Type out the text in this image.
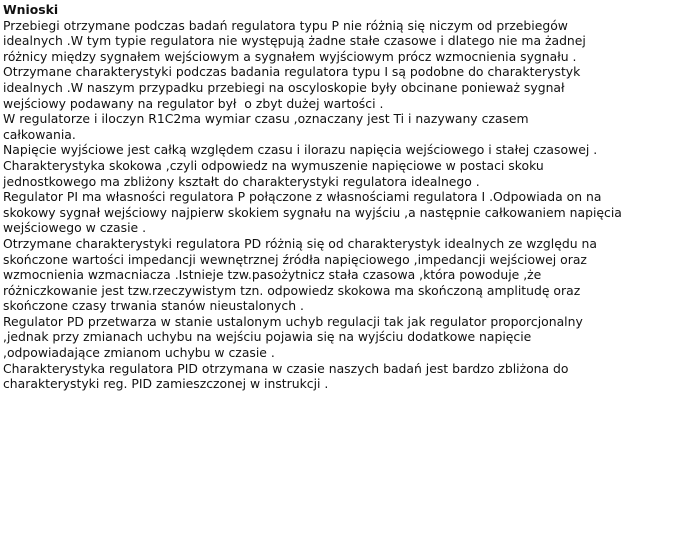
Wnioski
Przebiegi otrzymane podczas badań regulatora typu P nie różnią się niczym od przebiegów
idealnych .W tym typie regulatora nie występują żadne stałe czasowe i dlatego nie ma żadnej
różnicy między sygnałem wejściowym a sygnałem wyjściowym prócz wzmocnienia sygnału .
Otrzymane charakterystyki podczas badania regulatora typu I są podobne do charakterystyk
idealnych .W naszym przypadku przebiegi na oscyloskopie były obcinane ponieważ sygnał
wejściowy podawany na regulator był  o zbyt dużej wartości .
W regulatorze i iloczyn R1C2ma wymiar czasu ,oznaczany jest Ti i nazywany czasem
całkowania.
Napięcie wyjściowe jest całką względem czasu i ilorazu napięcia wejściowego i stałej czasowej .
Charakterystyka skokowa ,czyli odpowiedz na wymuszenie napięciowe w postaci skoku
jednostkowego ma zbliżony kształt do charakterystyki regulatora idealnego .
Regulator PI ma własności regulatora P połączone z własnościami regulatora I .Odpowiada on na
skokowy sygnał wejściowy najpierw skokiem sygnału na wyjściu ,a następnie całkowaniem napięcia
wejściowego w czasie .
Otrzymane charakterystyki regulatora PD różnią się od charakterystyk idealnych ze względu na
skończone wartości impedancji wewnętrznej źródła napięciowego ,impedancji wejściowej oraz
wzmocnienia wzmacniacza .Istnieje tzw.pasożytnicz stała czasowa ,która powoduje ,że
różniczkowanie jest tzw.rzeczywistym tzn. odpowiedz skokowa ma skończoną amplitudę oraz
skończone czasy trwania stanów nieustalonych .
Regulator PD przetwarza w stanie ustalonym uchyb regulacji tak jak regulator proporcjonalny
,jednak przy zmianach uchybu na wejściu pojawia się na wyjściu dodatkowe napięcie
,odpowiadające zmianom uchybu w czasie .
Charakterystyka regulatora PID otrzymana w czasie naszych badań jest bardzo zbliżona do
charakterystyki reg. PID zamieszczonej w instrukcji .
